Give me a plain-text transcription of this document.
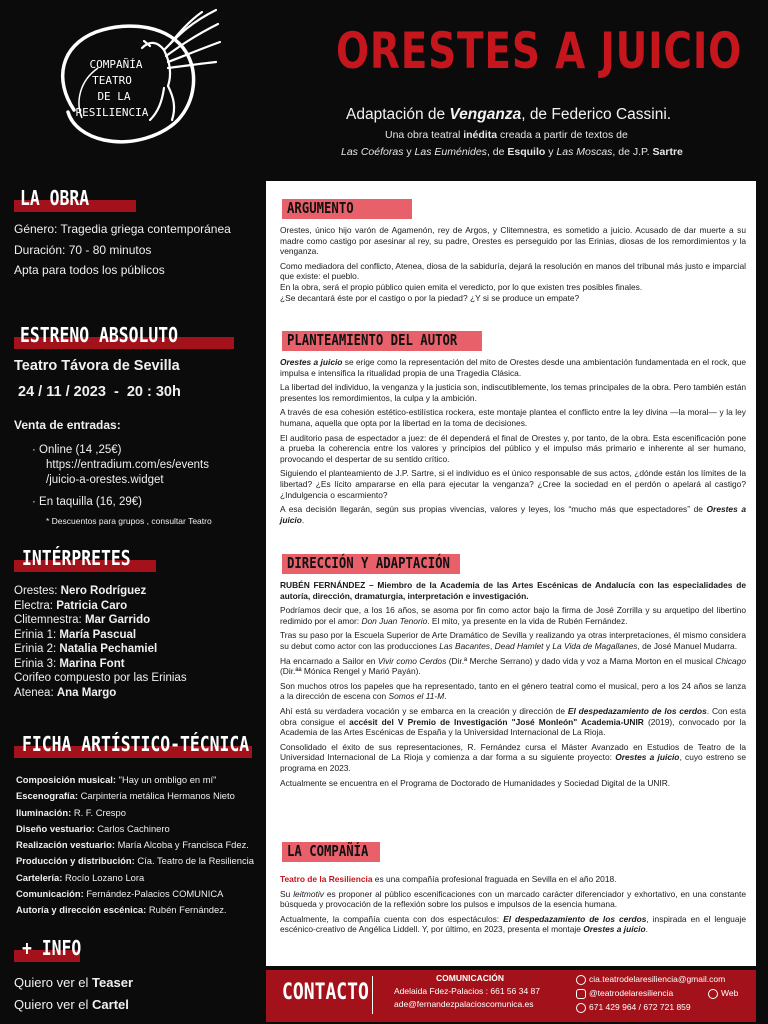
COMPAÑÍA
TEATRO
DE LA
RESILIENCIA
ORESTES A JUICIO
Adaptación de Venganza, de Federico Cassini.
Una obra teatral inédita creada a partir de textos de
Las Coéforas y Las Euménides, de Esquilo y Las Moscas, de J.P. Sartre
LA OBRA
Género: Tragedia griega contemporánea
Duración: 70 - 80 minutos
Apta para todos los públicos
ESTRENO ABSOLUTO
Teatro Távora de Sevilla
24 / 11 / 2023  -  20 : 30h
Venta de entradas:
· Online (14 ,25€)
https://entradium.com/es/events
/juicio-a-orestes.widget
· En taquilla (16, 29€)
* Descuentos para grupos , consultar Teatro
INTÉRPRETES
Orestes: Nero Rodríguez
Electra: Patricia Caro
Clitemnestra: Mar Garrido
Erinia 1: María Pascual
Erinia 2: Natalia Pechamiel
Erinia 3: Marina Font
Corifeo compuesto por las Erinias
Atenea: Ana Margo
FICHA ARTÍSTICO-TÉCNICA
Composición musical: "Hay un ombligo en mí"
Escenografía: Carpintería metálica Hermanos Nieto
Iluminación: R. F. Crespo
Diseño vestuario: Carlos Cachinero
Realización vestuario: María Alcoba y Francisca Fdez.
Producción y distribución: Cía. Teatro de la Resiliencia
Cartelería: Rocío Lozano Lora
Comunicación: Fernández-Palacios COMUNICA
Autoría y dirección escénica: Rubén Fernández.
+ INFO
Quiero ver el Teaser
Quiero ver el Cartel
ARGUMENTO

Orestes, único hijo varón de Agamenón, rey de Argos, y Clitemnestra, es sometido a juicio. Acusado de dar muerte a su madre como castigo por asesinar al rey, su padre, Orestes es perseguido por las Erinias, diosas de los remordimientos y la venganza.

Como mediadora del conflicto, Atenea, diosa de la sabiduría, dejará la resolución en manos del tribunal más justo e imparcial que existe: el pueblo.

En la obra, será el propio público quien emita el veredicto, por lo que existen tres posibles finales.

¿Se decantará éste por el castigo o por la piedad? ¿Y si se produce un empate?

PLANTEAMIENTO DEL AUTOR

Orestes a juicio se erige como la representación del mito de Orestes desde una ambientación fundamentada en el rock, que impulsa e intensifica la ritualidad propia de una Tragedia Clásica.

La libertad del individuo, la venganza y la justicia son, indiscutiblemente, los temas principales de la obra. Pero también están presentes los remordimientos, la culpa y la ambición.

A través de esa cohesión estético-estilística rockera, este montaje plantea el conflicto entre la ley divina —la moral— y la ley humana, aquella que opta por la libertad en la toma de decisiones.

El auditorio pasa de espectador a juez: de él dependerá el final de Orestes y, por tanto, de la obra. Esta escenificación pone a prueba la coherencia entre los valores y principios del público y el impulso más primario e inherente al ser humano, provocando el despertar de su sentido crítico.

Siguiendo el planteamiento de J.P. Sartre, si el individuo es el único responsable de sus actos, ¿dónde están los límites de la libertad? ¿Es lícito ampararse en ella para ejecutar la venganza? ¿Cree la sociedad en el perdón o apelará al castigo? ¿Indulgencia o escarmiento?

A esa decisión llegarán, según sus propias vivencias, valores y leyes, los “mucho más que espectadores” de Orestes a juicio.

DIRECCIÓN Y ADAPTACIÓN

RUBÉN FERNÁNDEZ – Miembro de la Academia de las Artes Escénicas de Andalucía con las especialidades de autoría, dirección, dramaturgia, interpretación e investigación.

Podríamos decir que, a los 16 años, se asoma por fin como actor bajo la firma de José Zorrilla y su arquetipo del libertino redimido por el amor: Don Juan Tenorio. El mito, ya presente en la vida de Rubén Fernández.

Tras su paso por la Escuela Superior de Arte Dramático de Sevilla y realizando ya otras interpretaciones, él mismo considera su debut como actor con las producciones Las Bacantes, Dead Hamlet y La Vida de Magallanes, de José Manuel Mudarra.

Ha encarnado a Sailor en Vivir como Cerdos (Dir.ª Merche Serrano) y dado vida y voz a Mama Morton en el musical Chicago (Dir.ªª Mónica Rengel y Marió Payán).

Son muchos otros los papeles que ha representado, tanto en el género teatral como el musical, pero a los 24 años se lanza a la dirección de escena con Somos el 11-M.

Ahí está su verdadera vocación y se embarca en la creación y dirección de El despedazamiento de los cerdos. Con esta obra consigue el accésit del V Premio de Investigación "José Monleón" Academia-UNIR (2019), convocado por la Academia de las Artes Escénicas de España y la Universidad Internacional de La Rioja.

Consolidado el éxito de sus representaciones, R. Fernández cursa el Máster Avanzado en Estudios de Teatro de la Universidad Internacional de La Rioja y comienza a dar forma a su siguiente proyecto: Orestes a juicio, cuyo estreno se programa en 2023.

Actualmente se encuentra en el Programa de Doctorado de Humanidades y Sociedad Digital de la UNIR.

LA COMPAÑÍA

Teatro de la Resiliencia es una compañía profesional fraguada en Sevilla en el año 2018.

Su leitmotiv es proponer al público escenificaciones con un marcado carácter diferenciador y exhortativo, en una constante búsqueda y provocación de la reflexión sobre los pulsos e impulsos de la esencia humana.

Actualmente, la compañía cuenta con dos espectáculos: El despedazamiento de los cerdos, inspirada en el lenguaje escénico-creativo de Angélica Liddell. Y, por último, en 2023, presenta el montaje Orestes a juicio.

CONTACTO
COMUNICACIÓN
Adelaida Fdez-Palacios : 661 56 34 87
ade@fernandezpalacioscomunica.es
cia.teatrodelaresiliencia@gmail.com
@teatrodelaresiliencia
671 429 964 / 672 721 859
Web
